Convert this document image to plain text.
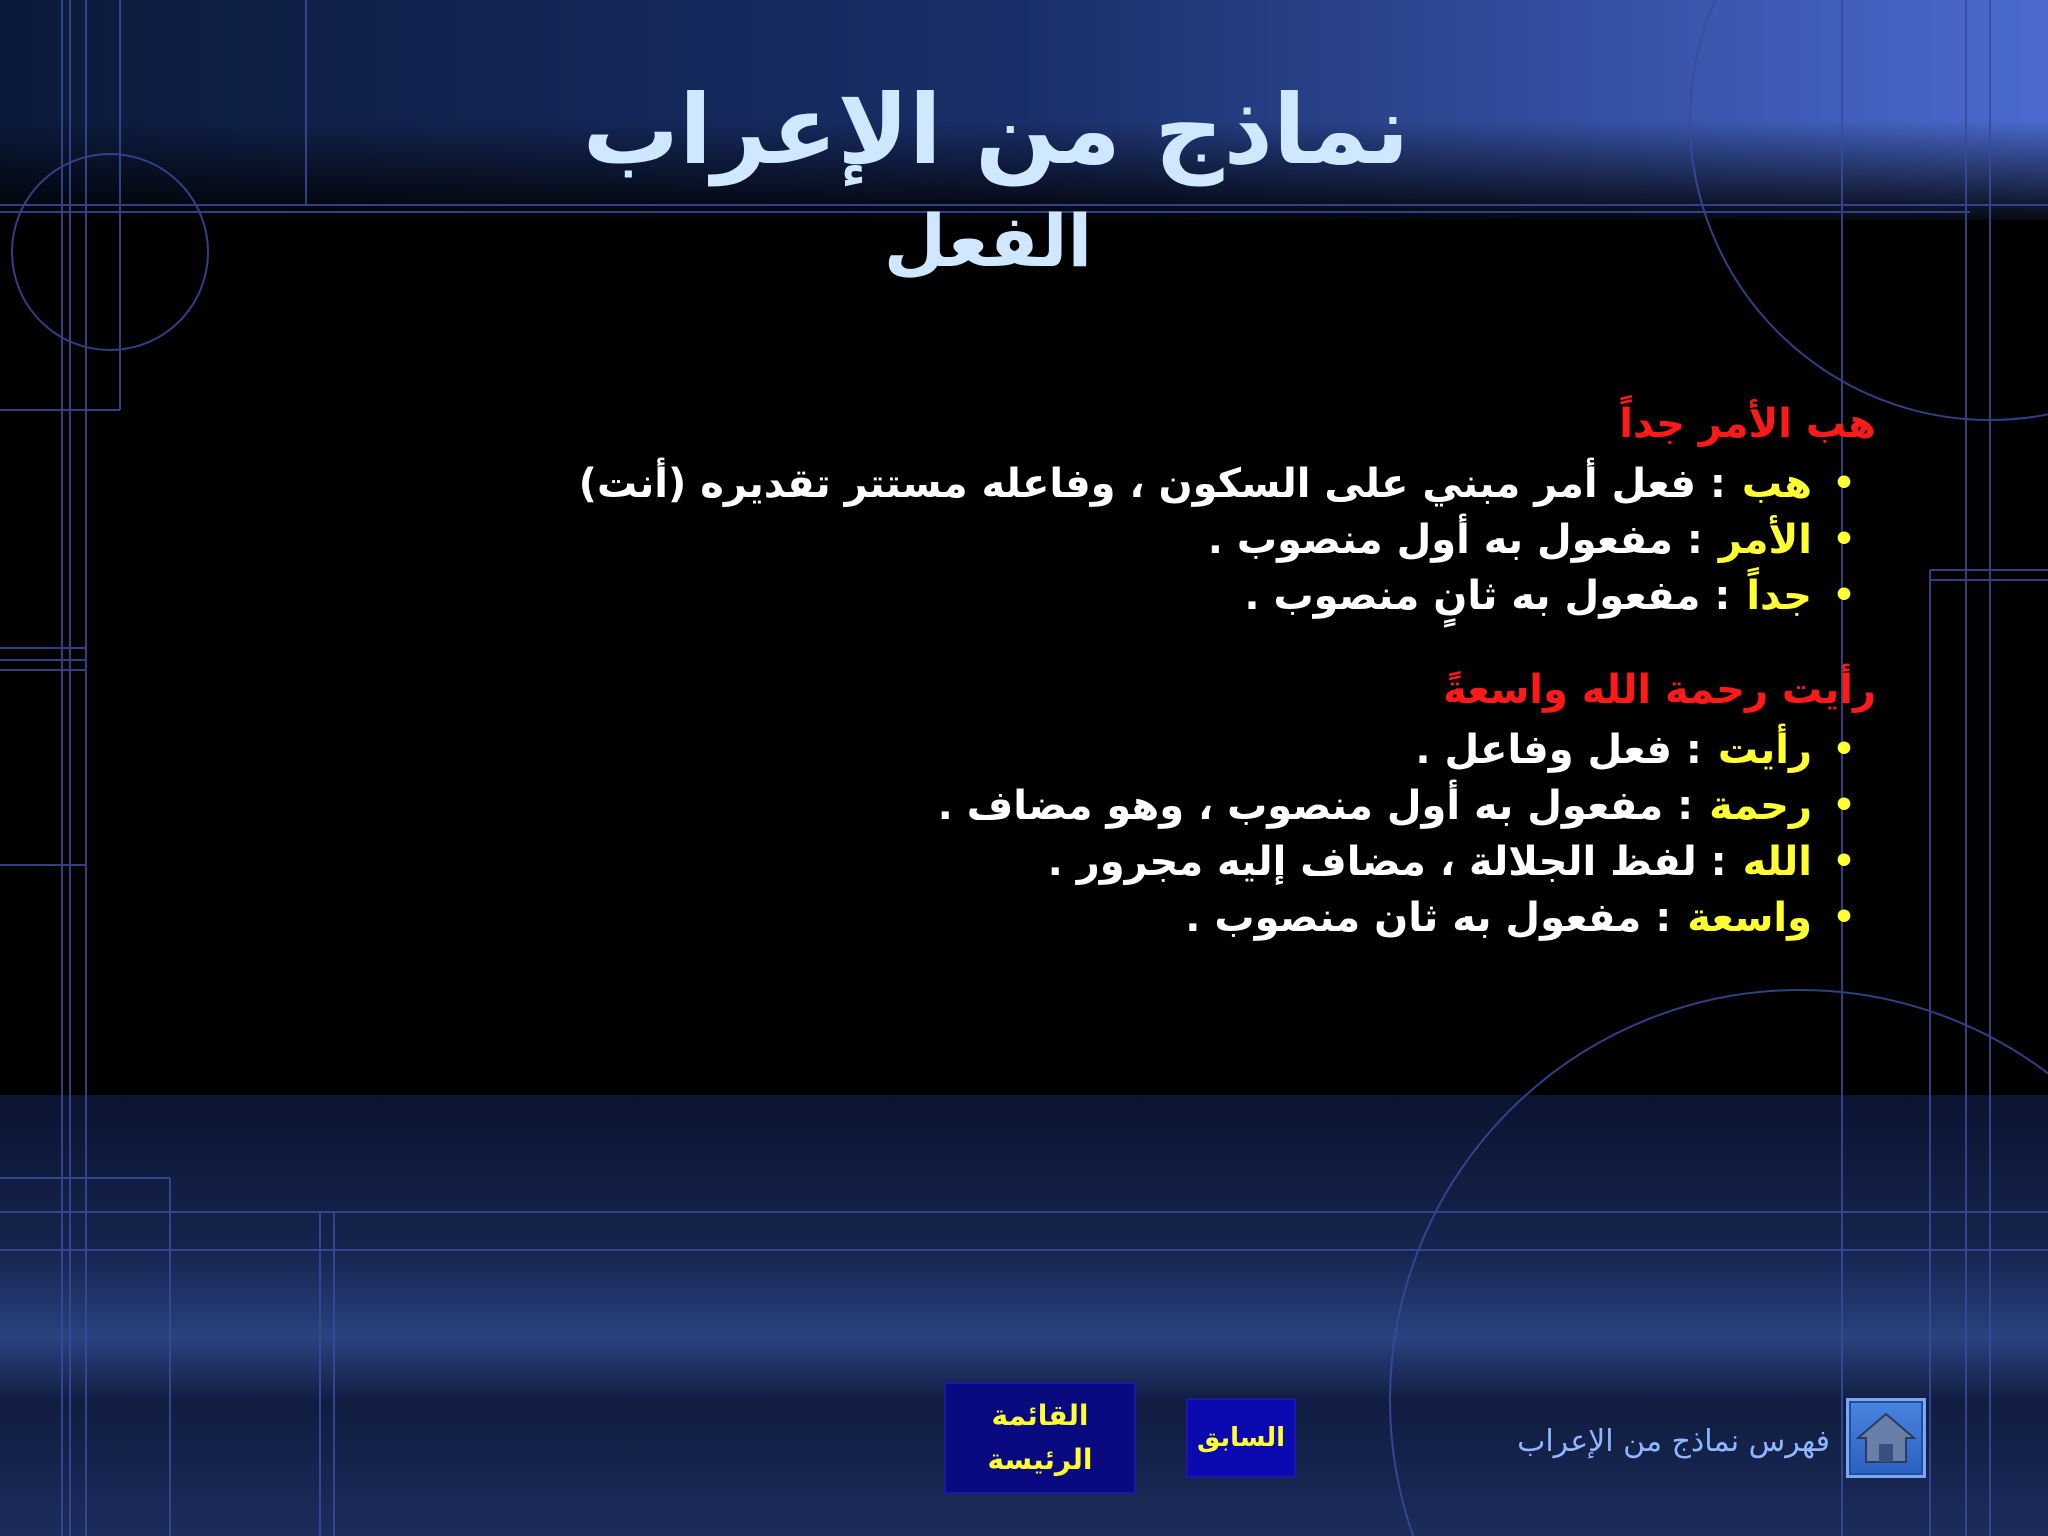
نماذج من الإعراب
الفعل
هب الأمر جداً
•
هب
: فعل أمر مبني على السكون ، وفاعله مستتر تقديره (أنت)
•
الأمر
: مفعول به أول منصوب .
•
جداً
: مفعول به ثانٍ منصوب .
رأيت رحمة الله واسعةً
•
رأيت
: فعل وفاعل .
•
رحمة
: مفعول به أول منصوب ، وهو مضاف .
•
الله
: لفظ الجلالة ، مضاف إليه مجرور .
•
واسعة
: مفعول به ثان منصوب .
القائمة الرئيسة
السابق	فهرس نماذج من الإعراب
